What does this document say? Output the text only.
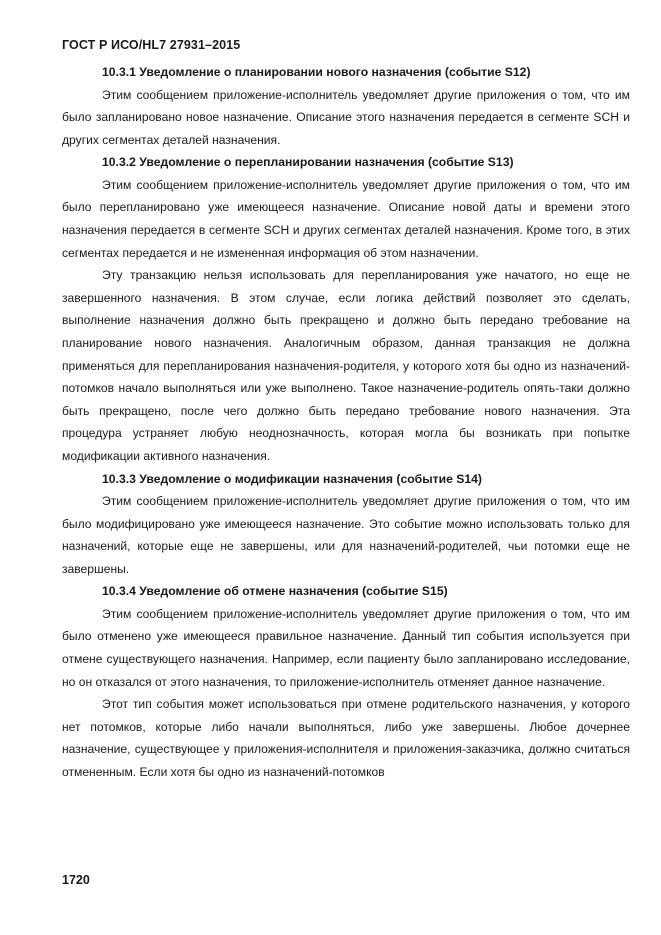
ГОСТ Р ИСО/HL7 27931–2015

10.3.1 Уведомление о планировании нового назначения (событие S12)

Этим сообщением приложение-исполнитель уведомляет другие приложения о том, что им было запланировано новое назначение. Описание этого назначения передается в сегменте SCH и других сегментах деталей назначения.

10.3.2 Уведомление о перепланировании назначения (событие S13)

Этим сообщением приложение-исполнитель уведомляет другие приложения о том, что им было перепланировано уже имеющееся назначение. Описание новой даты и времени этого назначения передается в сегменте SCH и других сегментах деталей назначения. Кроме того, в этих сегментах передается и не измененная информация об этом назначении.

Эту транзакцию нельзя использовать для перепланирования уже начатого, но еще не завершенного назначения. В этом случае, если логика действий позволяет это сделать, выполнение назначения должно быть прекращено и должно быть передано требование на планирование нового назначения. Аналогичным образом, данная транзакция не должна применяться для перепланирования назначения-родителя, у которого хотя бы одно из назначений-потомков начало выполняться или уже выполнено. Такое назначение-родитель опять-таки должно быть прекращено, после чего должно быть передано требование нового назначения. Эта процедура устраняет любую неоднозначность, которая могла бы возникать при попытке модификации активного назначения.

10.3.3 Уведомление о модификации назначения (событие S14)

Этим сообщением приложение-исполнитель уведомляет другие приложения о том, что им было модифицировано уже имеющееся назначение. Это событие можно использовать только для назначений, которые еще не завершены, или для назначений-родителей, чьи потомки еще не завершены.

10.3.4 Уведомление об отмене назначения (событие S15)

Этим сообщением приложение-исполнитель уведомляет другие приложения о том, что им было отменено уже имеющееся правильное назначение. Данный тип события используется при отмене существующего назначения. Например, если пациенту было запланировано исследование, но он отказался от этого назначения, то приложение-исполнитель отменяет данное назначение.

Этот тип события может использоваться при отмене родительского назначения, у которого нет потомков, которые либо начали выполняться, либо уже завершены. Любое дочернее назначение, существующее у приложения-исполнителя и приложения-заказчика, должно считаться отмененным. Если хотя бы одно из назначений-потомков

1720
